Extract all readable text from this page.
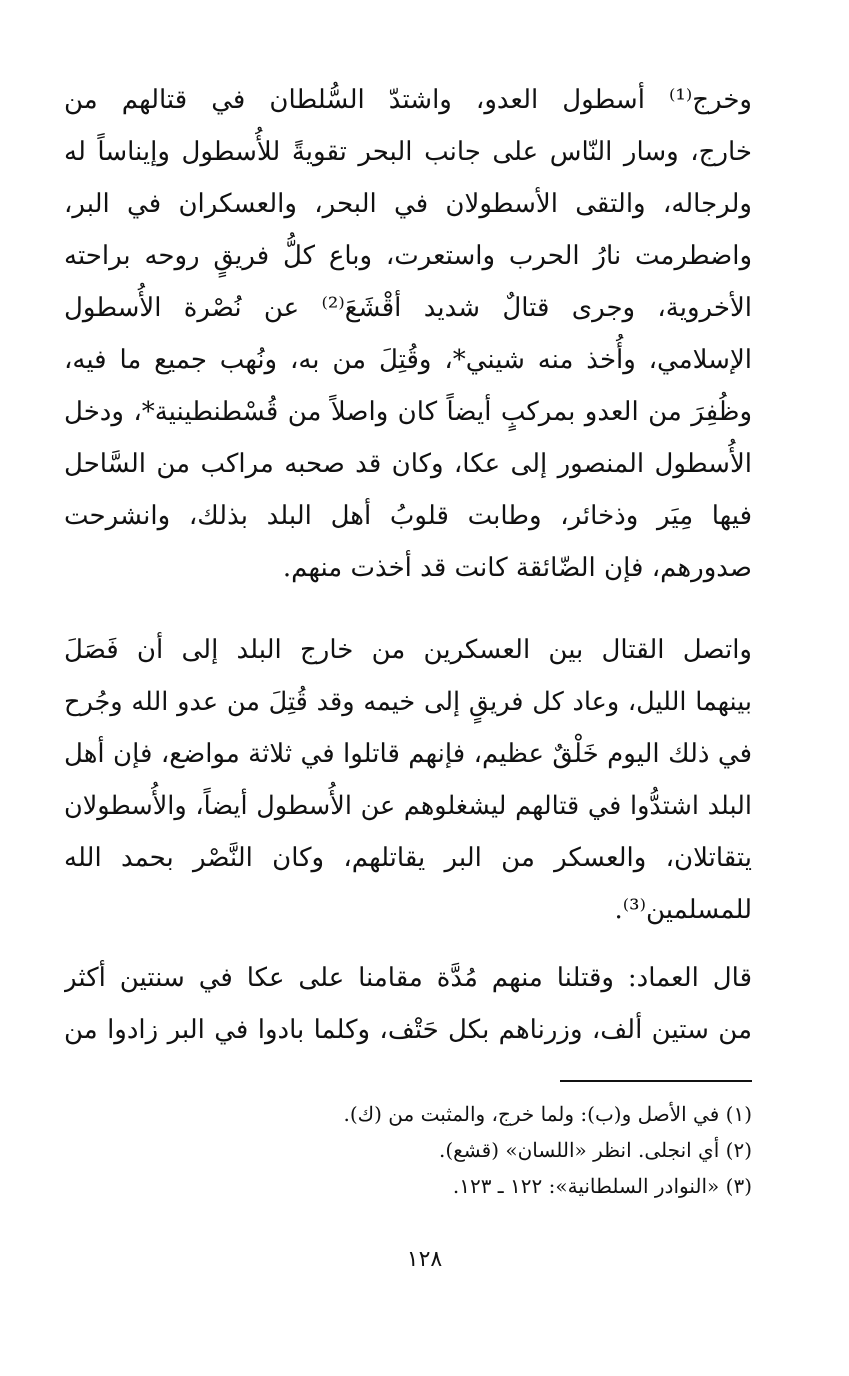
وخرج⁽¹⁾ أسطول العدو، واشتدّ السُّلطان في قتالهم من
خارج، وسار النّاس على جانب البحر تقويةً للأُسطول وإيناساً له
ولرجاله، والتقى الأسطولان في البحر، والعسكران في البر،
واضطرمت نارُ الحرب واستعرت، وباع كلُّ فريقٍ روحه براحته
الأخروية، وجرى قتالٌ شديد أقْشَعَ⁽²⁾ عن نُصْرة الأُسطول
الإسلامي، وأُخذ منه شيني*، وقُتِلَ من به، ونُهب جميع ما فيه،
وظُفِرَ من العدو بمركبٍ أيضاً كان واصلاً من قُسْطنطينية*، ودخل
الأُسطول المنصور إلى عكا، وكان قد صحبه مراكب من السَّاحل
فيها مِيَر وذخائر، وطابت قلوبُ أهل البلد بذلك، وانشرحت
صدورهم، فإن الضّائقة كانت قد أخذت منهم.
واتصل القتال بين العسكرين من خارج البلد إلى أن فَصَلَ
بينهما الليل، وعاد كل فريقٍ إلى خيمه وقد قُتِلَ من عدو الله وجُرح
في ذلك اليوم خَلْقٌ عظيم، فإنهم قاتلوا في ثلاثة مواضع، فإن أهل
البلد اشتدُّوا في قتالهم ليشغلوهم عن الأُسطول أيضاً، والأُسطولان
يتقاتلان، والعسكر من البر يقاتلهم، وكان النَّصْر بحمد الله
للمسلمين⁽³⁾.
قال العماد: وقتلنا منهم مُدَّة مقامنا على عكا في سنتين أكثر
من ستين ألف، وزرناهم بكل حَتْف، وكلما بادوا في البر زادوا من
(١) في الأصل و(ب): ولما خرج، والمثبت من (ك).
(٢) أي انجلى. انظر «اللسان» (قشع).
(٣) «النوادر السلطانية»: ١٢٢ ـ ١٢٣.
١٢٨
